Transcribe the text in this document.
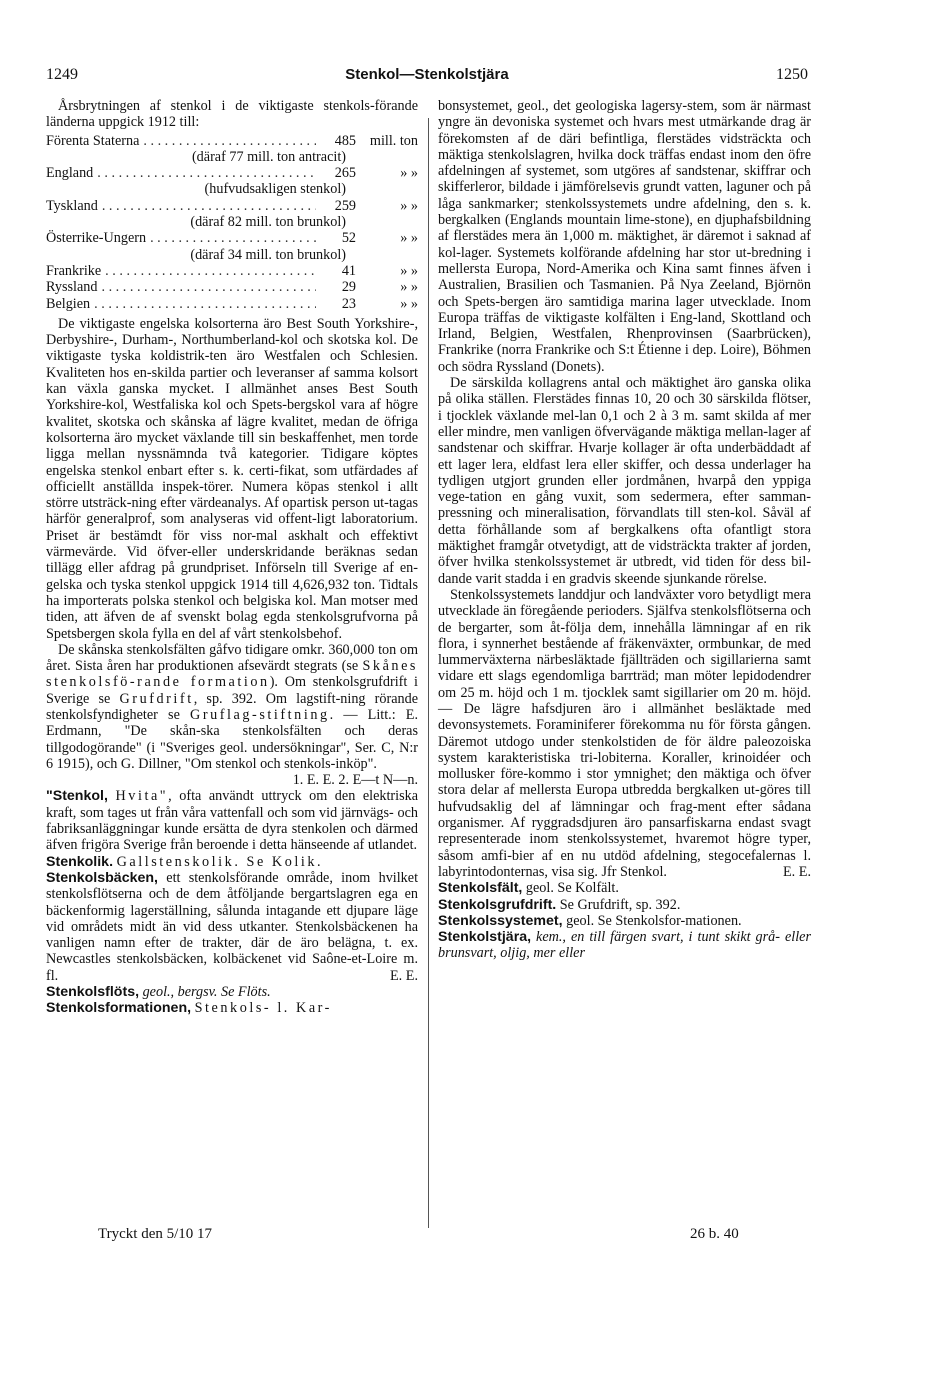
1249	Stenkol—Stenkolstjära	1250

Årsbrytningen af stenkol i de viktigaste stenkols-förande länderna uppgick 1912 till:

Förenta Staterna . . .	485 mill. ton
(däraf 77 mill. ton antracit)
England . . .	265	» »
(hufvudsakligen stenkol)
Tyskland . . .	259	» »
(däraf 82 mill. ton brunkol)
Österrike-Ungern . . .	52	» »
(däraf 34 mill. ton brunkol)
Frankrike . . .	41	» »
Ryssland . . .	29	» »
Belgien . . .	23	» »

De viktigaste engelska kolsorterna äro Best South Yorkshire-, Derbyshire-, Durham-, Northumberland-kol och skotska kol. De viktigaste tyska koldistrik-ten äro Westfalen och Schlesien. Kvaliteten hos en-skilda partier och leveranser af samma kolsort kan växla ganska mycket. I allmänhet anses Best South Yorkshire-kol, Westfaliska kol och Spets-bergskol vara af högre kvalitet, skotska och skånska af lägre kvalitet, medan de öfriga kolsorterna äro mycket växlande till sin beskaffenhet, men torde ligga mellan nyssnämnda två kategorier. Tidigare köptes engelska stenkol enbart efter s. k. certi-fikat, som utfärdades af officiellt anställda inspek-törer. Numera köpas stenkol i allt större utsträck-ning efter värdeanalys. Af opartisk person ut-tagas härför generalprof, som analyseras vid offent-ligt laboratorium. Priset är bestämdt för viss nor-mal askhalt och effektivt värmevärde. Vid öfver-eller underskridande beräknas sedan tillägg eller afdrag på grundpriset. Införseln till Sverige af en-gelska och tyska stenkol uppgick 1914 till 4,626,932 ton. Tidtals ha importerats polska stenkol och belgiska kol. Man motser med tiden, att äfven de af svenskt bolag egda stenkolsgrufvorna på Spetsbergen skola fylla en del af vårt stenkolsbehof.

De skånska stenkolsfälten gåfvo tidigare omkr. 360,000 ton om året. Sista åren har produktionen afsevärdt stegrats (se Skånes stenkolsfö-rande formation). Om stenkolsgrufdrift i Sverige se Grufdrift, sp. 392. Om lagstift-ning rörande stenkolsfyndigheter se Gruflag-stiftning. — Litt.: E. Erdmann, "De skån-ska stenkolsfälten och deras tillgodogörande" (i "Sveriges geol. undersökningar", Ser. C, N:r 6 1915), och G. Dillner, "Om stenkol och stenkols-inköp".
1. E. E. 2. E—t N—n.

"Stenkol, Hvita", ofta användt uttryck om den elektriska kraft, som tages ut från våra vattenfall och som vid järnvägs- och fabriksanläggningar kunde ersätta de dyra stenkolen och därmed äfven frigöra Sverige från beroende i detta hänseende af utlandet.

Stenkolik. Gallstenskolik. Se Kolik.

Stenkolsbäcken, ett stenkolsförande område, inom hvilket stenkolsflötserna och de dem åtföljande bergartslagren ega en bäckenformig lagerställning, sålunda intagande ett djupare läge vid områdets midt än vid dess utkanter. Stenkolsbäckenen ha vanligen namn efter de trakter, där de äro belägna, t. ex. Newcastles stenkolsbäcken, kolbäckenet vid Saône-et-Loire m. fl.	E. E.

Stenkolsflöts, geol., bergsv. Se Flöts.

Stenkolsformationen, Stenkols- l. Kar-

bonsystemet, geol., det geologiska lagersy-stem, som är närmast yngre än devoniska systemet och hvars mest utmärkande drag är förekomsten af de däri befintliga, flerstädes vidsträckta och mäktiga stenkolslagren, hvilka dock träffas endast inom den öfre afdelningen af systemet, som utgöres af sandstenar, skiffrar och skifferleror, bildade i jämförelsevis grundt vatten, laguner och på låga sankmarker; stenkolssystemets undre afdelning, den s. k. bergkalken (Englands mountain lime-stone), en djuphafsbildning af flerstädes mera än 1,000 m. mäktighet, är däremot i saknad af kol-lager. Systemets kolförande afdelning har stor ut-bredning i mellersta Europa, Nord-Amerika och Kina samt finnes äfven i Australien, Brasilien och Tasmanien. På Nya Zeeland, Björnön och Spets-bergen äro samtidiga marina lager utvecklade. Inom Europa träffas de viktigaste kolfälten i Eng-land, Skottland och Irland, Belgien, Westfalen, Rhenprovinsen (Saarbrücken), Frankrike (norra Frankrike och S:t Étienne i dep. Loire), Böhmen och södra Ryssland (Donets).

De särskilda kollagrens antal och mäktighet äro ganska olika på olika ställen. Flerstädes finnas 10, 20 och 30 särskilda flötser, i tjocklek växlande mel-lan 0,1 och 2 à 3 m. samt skilda af mer eller mindre, men vanligen öfvervägande mäktiga mellan-lager af sandstenar och skiffrar. Hvarje kollager är ofta underbäddadt af ett lager lera, eldfast lera eller skiffer, och dessa underlager ha tydligen utgjort grunden eller jordmånen, hvarpå den yppiga vege-tation en gång vuxit, som sedermera, efter samman-pressning och mineralisation, förvandlats till sten-kol. Såväl af detta förhållande som af bergkalkens ofta ofantligt stora mäktighet framgår otvetydigt, att de vidsträckta trakter af jorden, öfver hvilka stenkolssystemet är utbredt, vid tiden för dess bil-dande varit stadda i en gradvis skeende sjunkande rörelse.

Stenkolssystemets landdjur och landväxter voro betydligt mera utvecklade än föregående perioders. Själfva stenkolsflötserna och de bergarter, som åt-följa dem, innehålla lämningar af en rik flora, i synnerhet bestående af fräkenväxter, ormbunkar, de med lummerväxterna närbesläktade fjällträden och sigillarierna samt vidare ett slags egendomliga barrträd; man möter lepidodendrer om 25 m. höjd och 1 m. tjocklek samt sigillarier om 20 m. höjd. — De lägre hafsdjuren äro i allmänhet besläktade med devonsystemets. Foraminiferer förekomma nu för första gången. Däremot utdogo under stenkolstiden de för äldre paleozoiska system karakteristiska tri-lobiterna. Koraller, krinoidéer och mollusker före-kommo i stor ymnighet; den mäktiga och öfver stora delar af mellersta Europa utbredda bergkalken ut-göres till hufvudsaklig del af lämningar och frag-ment efter sådana organismer. Af ryggradsdjuren äro pansarfiskarna endast svagt representerade inom stenkolssystemet, hvaremot högre typer, såsom amfi-bier af en nu utdöd afdelning, stegocefalernas l. labyrintodonternas, visa sig. Jfr Stenkol.	E. E.

Stenkolsfält, geol. Se Kolfält.

Stenkolsgrufdrift. Se Grufdrift, sp. 392.

Stenkolssystemet, geol. Se Stenkolsfor-mationen.

Stenkolstjära, kem., en till färgen svart, i tunt skikt grå- eller brunsvart, oljig, mer eller

Tryckt den 5/10 17	26 b. 40
